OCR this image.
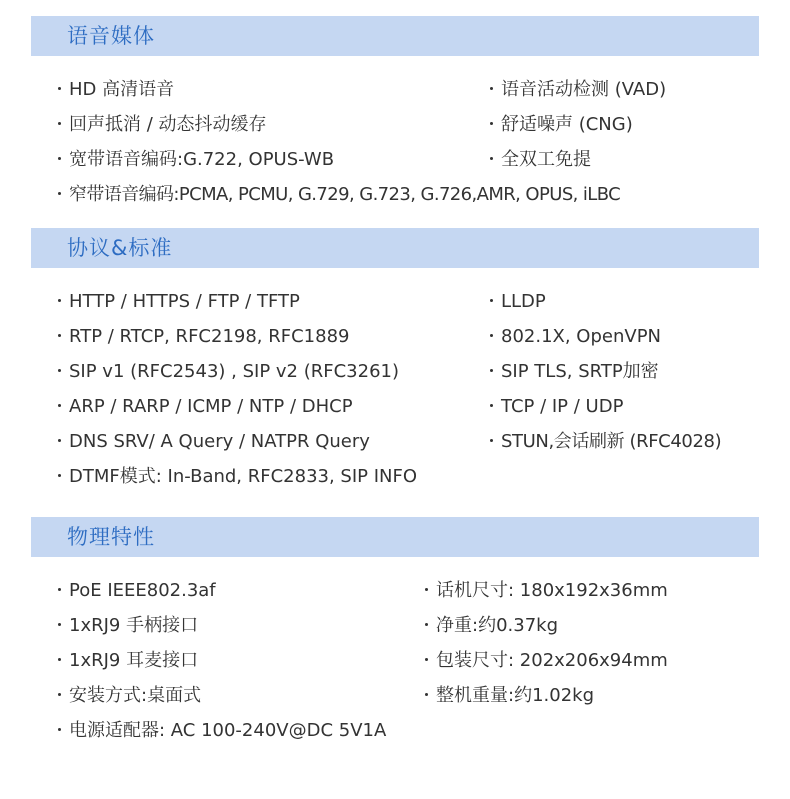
语音媒体
HD 高清语音
回声抵消 / 动态抖动缓存
宽带语音编码:G.722, OPUS-WB
窄带语音编码:PCMA, PCMU, G.729, G.723, G.726,AMR, OPUS, iLBC
语音活动检测 (VAD)
舒适噪声 (CNG)
全双工免提
协议&标准
HTTP / HTTPS / FTP / TFTP
RTP / RTCP, RFC2198, RFC1889
SIP v1 (RFC2543) , SIP v2 (RFC3261)
ARP / RARP / ICMP / NTP / DHCP
DNS SRV/ A Query / NATPR Query
DTMF模式: In-Band, RFC2833, SIP INFO
LLDP
802.1X, OpenVPN
SIP TLS, SRTP加密
TCP / IP / UDP
STUN,会话刷新 (RFC4028)
物理特性
PoE IEEE802.3af
1xRJ9 手柄接口
1xRJ9 耳麦接口
安装方式:桌面式
电源适配器: AC 100-240V@DC 5V1A
话机尺寸: 180x192x36mm
净重:约0.37kg
包装尺寸: 202x206x94mm
整机重量:约1.02kg
